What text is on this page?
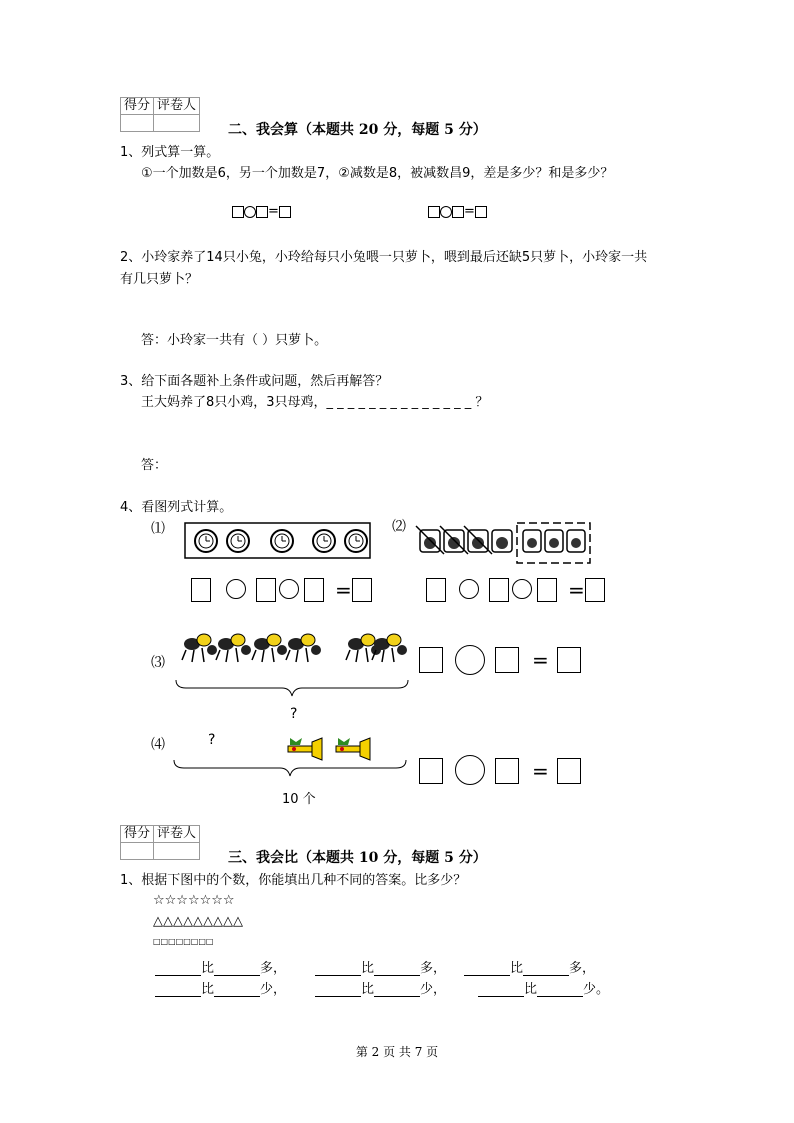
得分	评卷人

二、我会算（本题共 20 分，每题 5 分）
1、列式算一算。
①一个加数是6，另一个加数是7，②减数是8，被减数昌9，差是多少？和是多少？
=	=
2、小玲家养了14只小兔，小玲给每只小兔喂一只萝卜，喂到最后还缺5只萝卜，小玲家一共
有几只萝卜？
答：小玲家一共有（ ）只萝卜。
3、给下面各题补上条件或问题，然后再解答？
王大妈养了8只小鸡，3只母鸡，_ _ _ _ _ _ _ _ _ _ _ _ _ _ ？
答：
4、看图列式计算。
⑴	⑵
=	=
⑶
?
=
⑷	?
10 个
=
得分	评卷人

三、我会比（本题共 10 分，每题 5 分）
1、根据下图中的个数，你能填出几种不同的答案。比多少？
☆☆☆☆☆☆☆
△△△△△△△△△
□□□□□□□□
比	多，	比	多，	比	多，
比	少，	比	少，	比	少。
第 2 页 共 7 页
